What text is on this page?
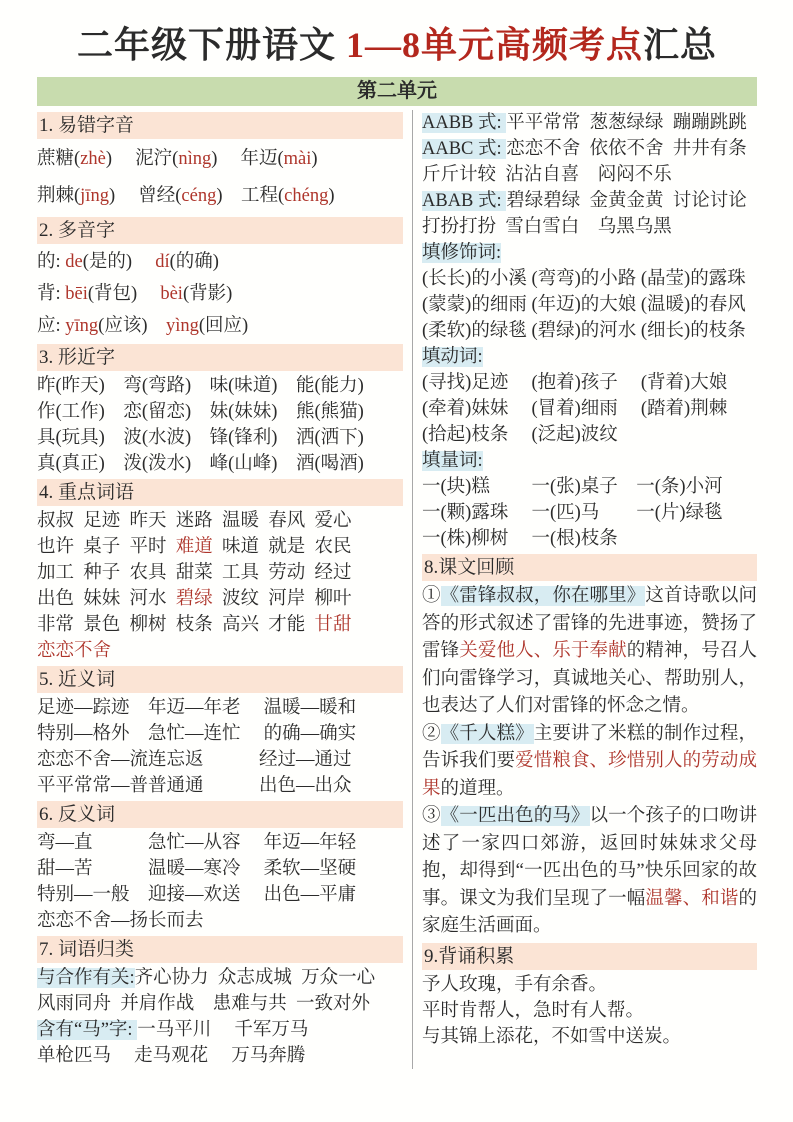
二年级下册语文 1—8单元高频考点汇总
第二单元
1. 易错字音
蔗糖(zhè)　 泥泞(nìng)　 年迈(mài)
荆棘(jīng)　 曾经(céng)　工程(chéng)
2. 多音字
的: de(是的)　 dí(的确)
背: bēi(背包)　 bèi(背影)
应: yīng(应该)　yìng(回应)
3. 形近字
昨(昨天)　弯(弯路)　味(味道)　能(能力)
作(工作)　恋(留恋)　妹(妹妹)　熊(熊猫)
具(玩具)　波(水波)　锋(锋利)　洒(洒下)
真(真正)　泼(泼水)　峰(山峰)　酒(喝酒)
4. 重点词语
叔叔  足迹  昨天  迷路  温暖  春风  爱心
也许  桌子  平时  难道  味道  就是  农民
加工  种子  农具  甜菜  工具  劳动  经过
出色  妹妹  河水  碧绿  波纹  河岸  柳叶
非常  景色  柳树  枝条  高兴  才能  甘甜
恋恋不舍
5. 近义词
足迹—踪迹　年迈—年老　 温暖—暖和
特别—格外　急忙—连忙　 的确—确实
恋恋不舍—流连忘返　　　经过—通过
平平常常—普普通通　　　出色—出众
6. 反义词
弯—直　　　急忙—从容　 年迈—年轻
甜—苦　　　温暖—寒冷　 柔软—坚硬
特别—一般　迎接—欢送　 出色—平庸
恋恋不舍—扬长而去
7. 词语归类
与合作有关:齐心协力  众志成城  万众一心
风雨同舟  并肩作战　患难与共  一致对外
含有“马”字: 一马平川　 千军万马
单枪匹马　 走马观花　 万马奔腾
AABB 式: 平平常常  葱葱绿绿  蹦蹦跳跳
AABC 式: 恋恋不舍  依依不舍  井井有条
斤斤计较  沾沾自喜　闷闷不乐
ABAB 式: 碧绿碧绿  金黄金黄  讨论讨论
打扮打扮  雪白雪白　乌黑乌黑
填修饰词:
(长长)的小溪 (弯弯)的小路 (晶莹)的露珠
(蒙蒙)的细雨 (年迈)的大娘 (温暖)的春风
(柔软)的绿毯 (碧绿)的河水 (细长)的枝条
填动词:
(寻找)足迹　 (抱着)孩子　 (背着)大娘
(牵着)妹妹　 (冒着)细雨　 (踏着)荆棘
(拾起)枝条　 (泛起)波纹
填量词:
一(块)糕　　 一(张)桌子　一(条)小河
一(颗)露珠　 一(匹)马　　一(片)绿毯
一(株)柳树　 一(根)枝条
8.课文回顾
①《雷锋叔叔，你在哪里》这首诗歌以问答的形式叙述了雷锋的先进事迹，赞扬了雷锋关爱他人、乐于奉献的精神，号召人们向雷锋学习，真诚地关心、帮助别人，也表达了人们对雷锋的怀念之情。
②《千人糕》主要讲了米糕的制作过程，告诉我们要爱惜粮食、珍惜别人的劳动成果的道理。
③《一匹出色的马》以一个孩子的口吻讲述了一家四口郊游，返回时妹妹求父母抱，却得到“一匹出色的马”快乐回家的故事。课文为我们呈现了一幅温馨、和谐的家庭生活画面。
9.背诵积累
予人玫瑰，手有余香。
平时肯帮人，急时有人帮。
与其锦上添花，不如雪中送炭。
